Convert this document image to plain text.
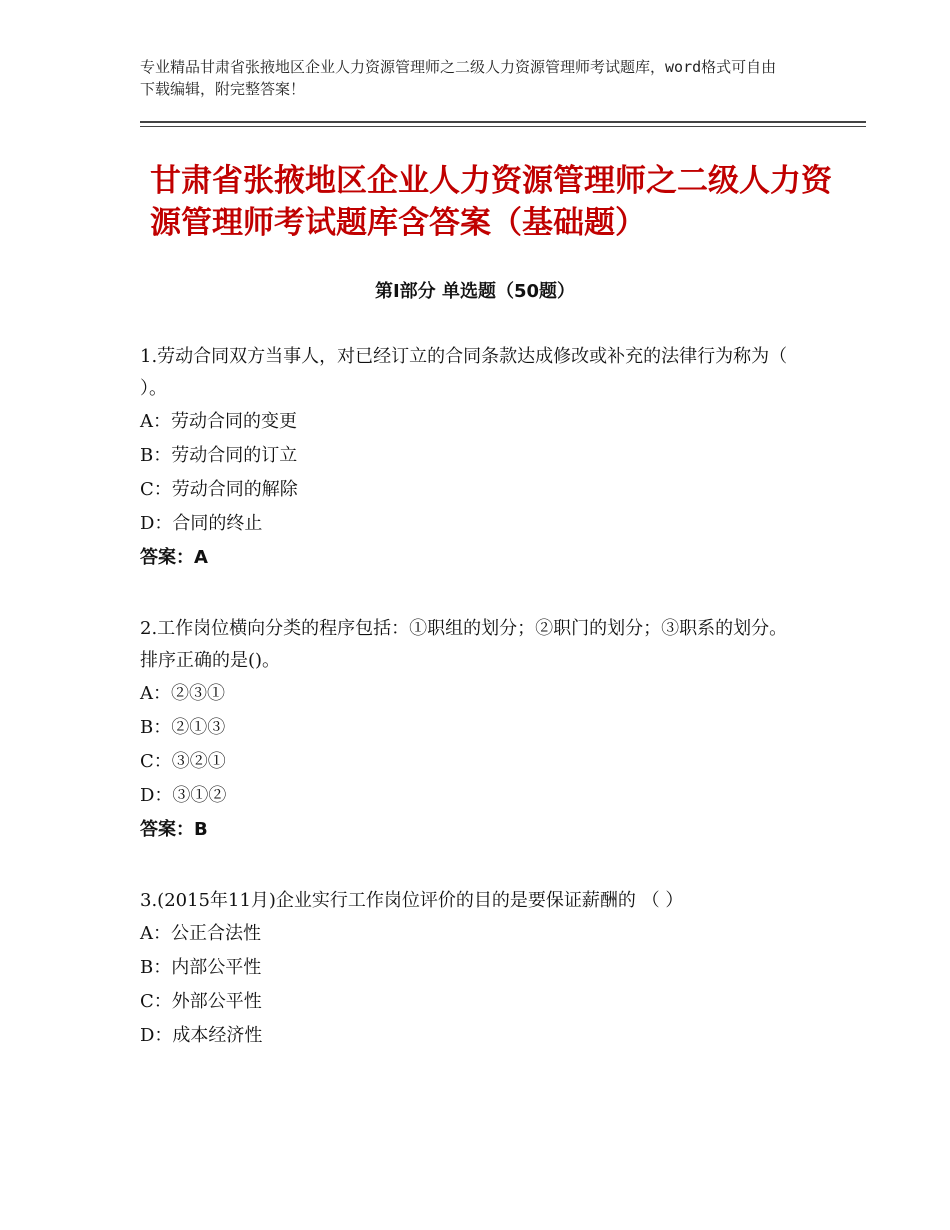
专业精品甘肃省张掖地区企业人力资源管理师之二级人力资源管理师考试题库，word格式可自由下载编辑，附完整答案！
甘肃省张掖地区企业人力资源管理师之二级人力资源管理师考试题库含答案（基础题）
第Ⅰ部分 单选题（50题）

1.劳动合同双方当事人，对已经订立的合同条款达成修改或补充的法律行为称为（ ）。

A：劳动合同的变更

B：劳动合同的订立

C：劳动合同的解除

D：合同的终止

答案：A

2.工作岗位横向分类的程序包括：①职组的划分；②职门的划分；③职系的划分。排序正确的是()。

A：②③①

B：②①③

C：③②①

D：③①②

答案：B

3.(2015年11月)企业实行工作岗位评价的目的是要保证薪酬的 （ ）

A：公正合法性

B：内部公平性

C：外部公平性

D：成本经济性
